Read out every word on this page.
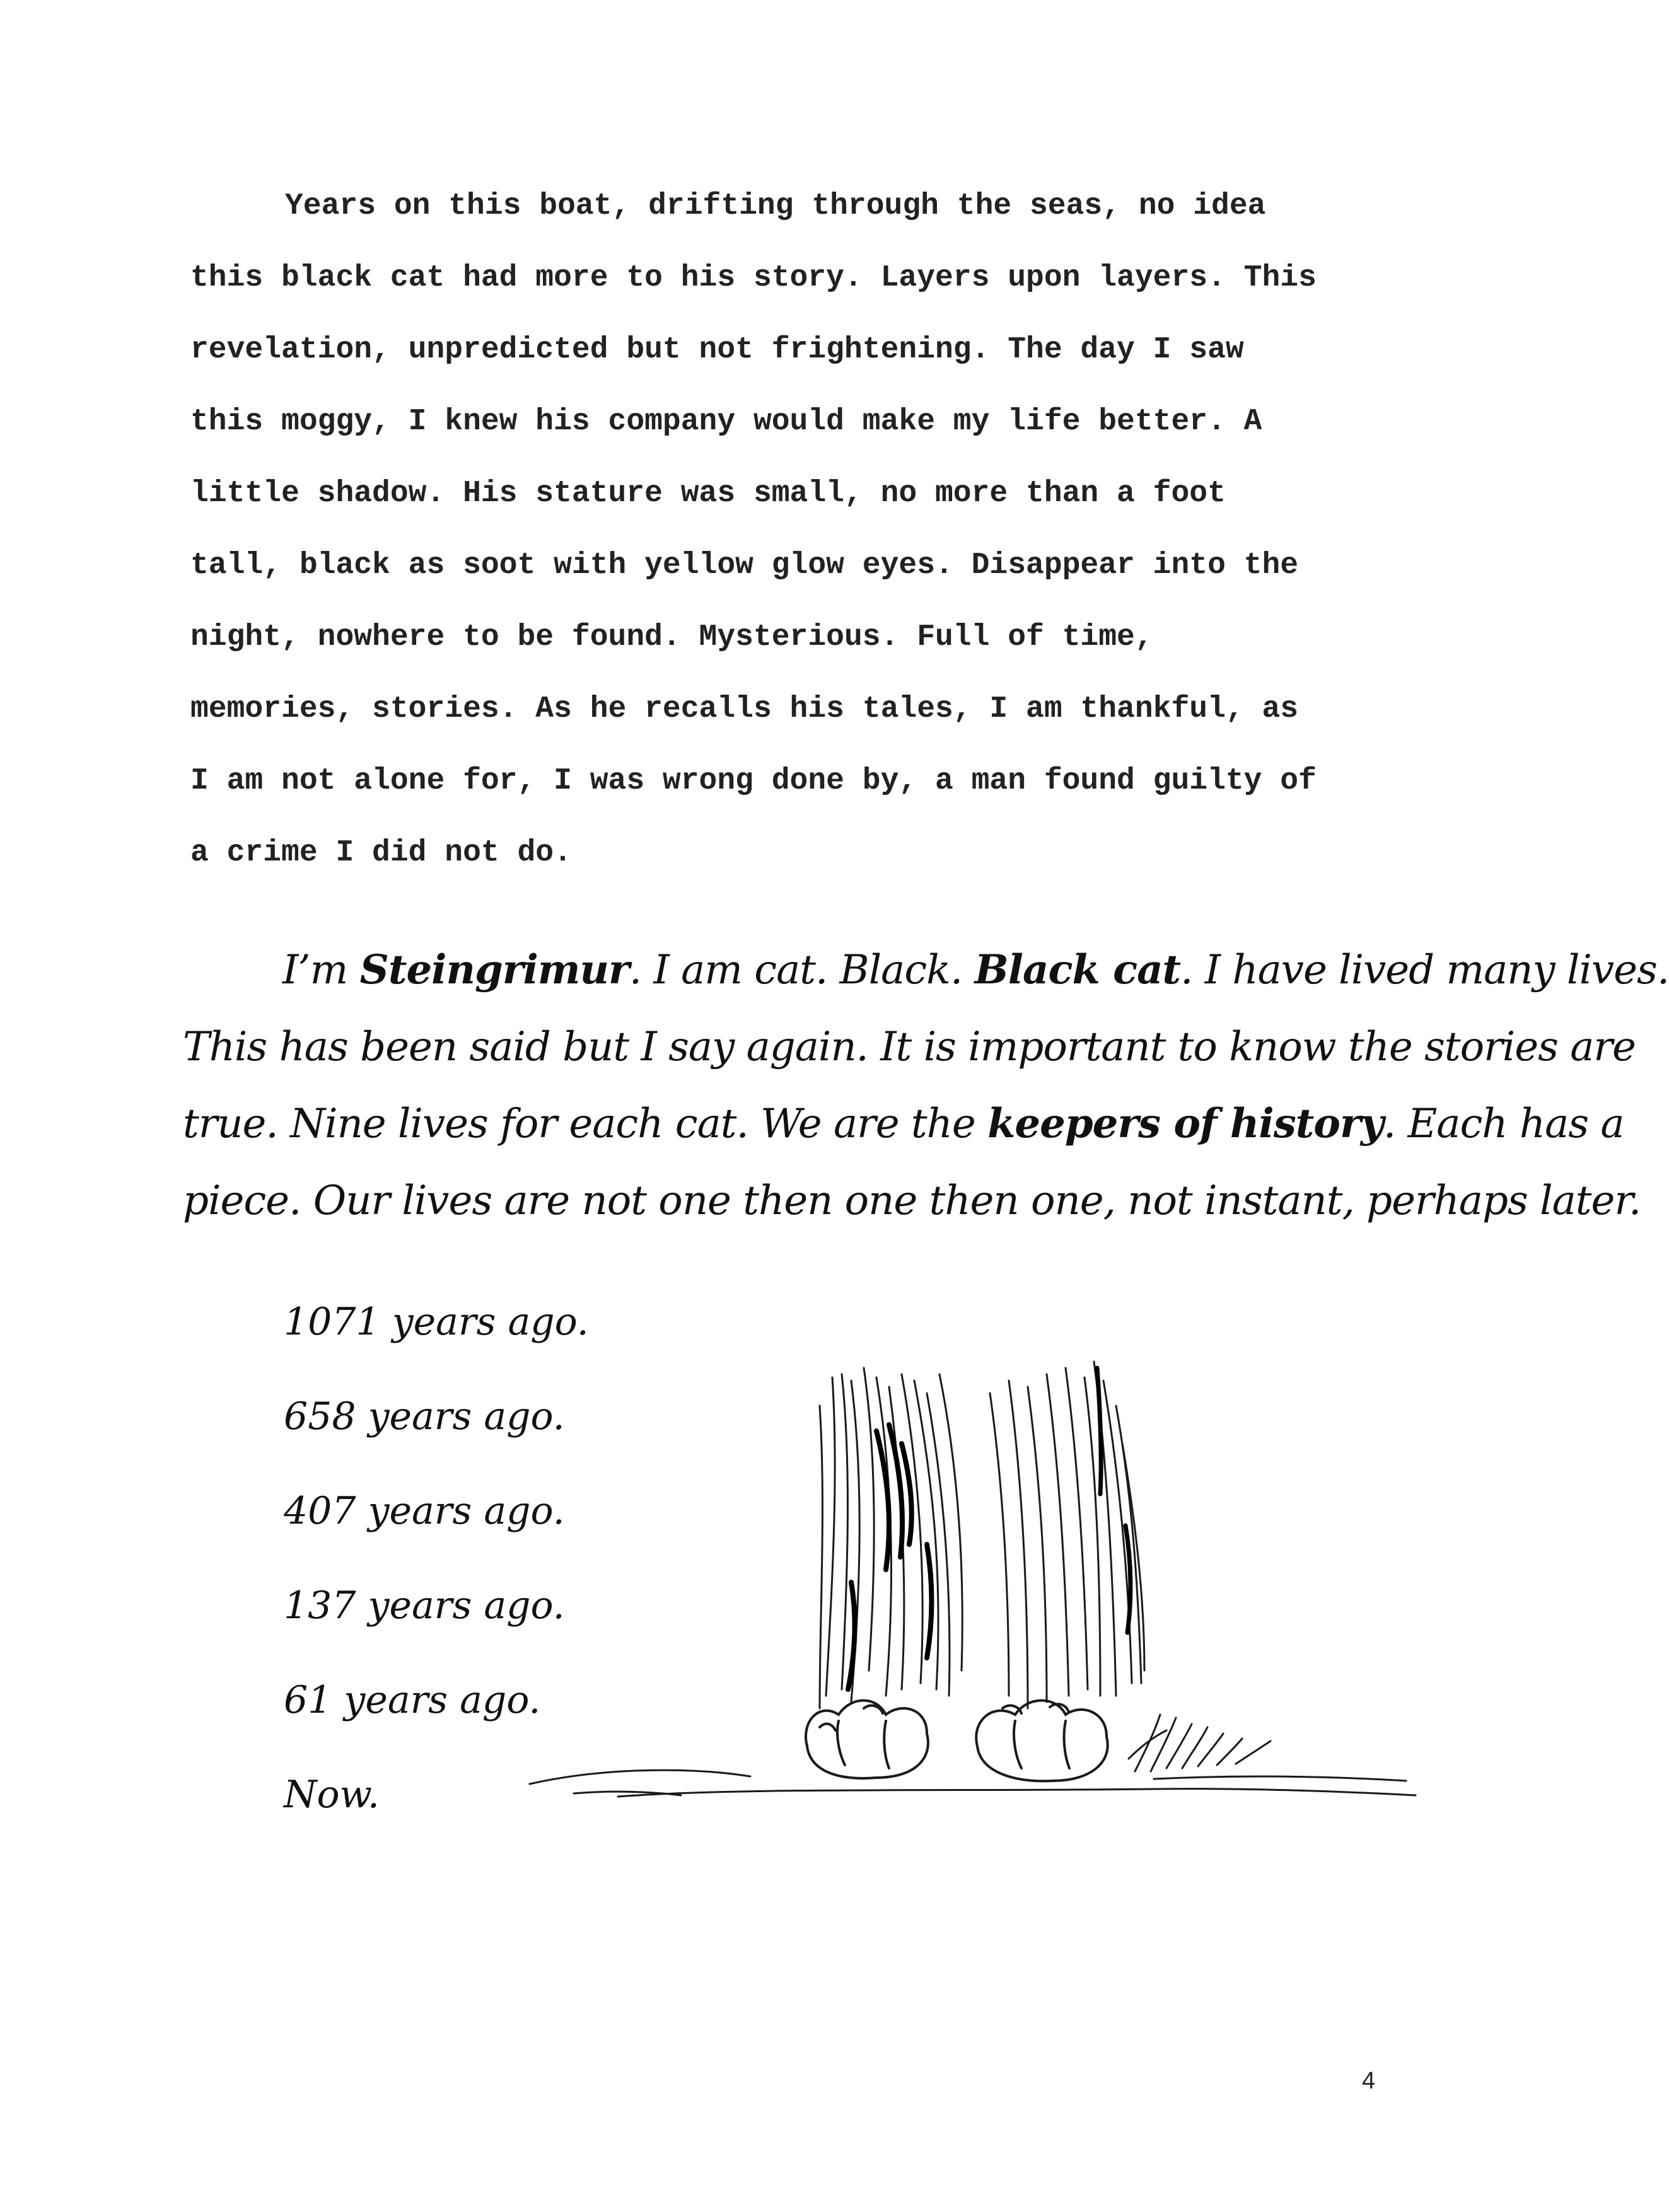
Years on this boat, drifting through the seas, no idea
this black cat had more to his story. Layers upon layers. This
revelation, unpredicted but not frightening. The day I saw
this moggy, I knew his company would make my life better. A
little shadow. His stature was small, no more than a foot
tall, black as soot with yellow glow eyes. Disappear into the
night, nowhere to be found. Mysterious. Full of time,
memories, stories. As he recalls his tales, I am thankful, as
I am not alone for, I was wrong done by, a man found guilty of
a crime I did not do.
I’m Steingrimur. I am cat. Black. Black cat. I have lived many lives.
This has been said but I say again. It is important to know the stories are
true. Nine lives for each cat. We are the keepers of history. Each has a
piece. Our lives are not one then one then one, not instant, perhaps later.
1071 years ago.
658 years ago.
407 years ago.
137 years ago.
61 years ago.
Now.
4
